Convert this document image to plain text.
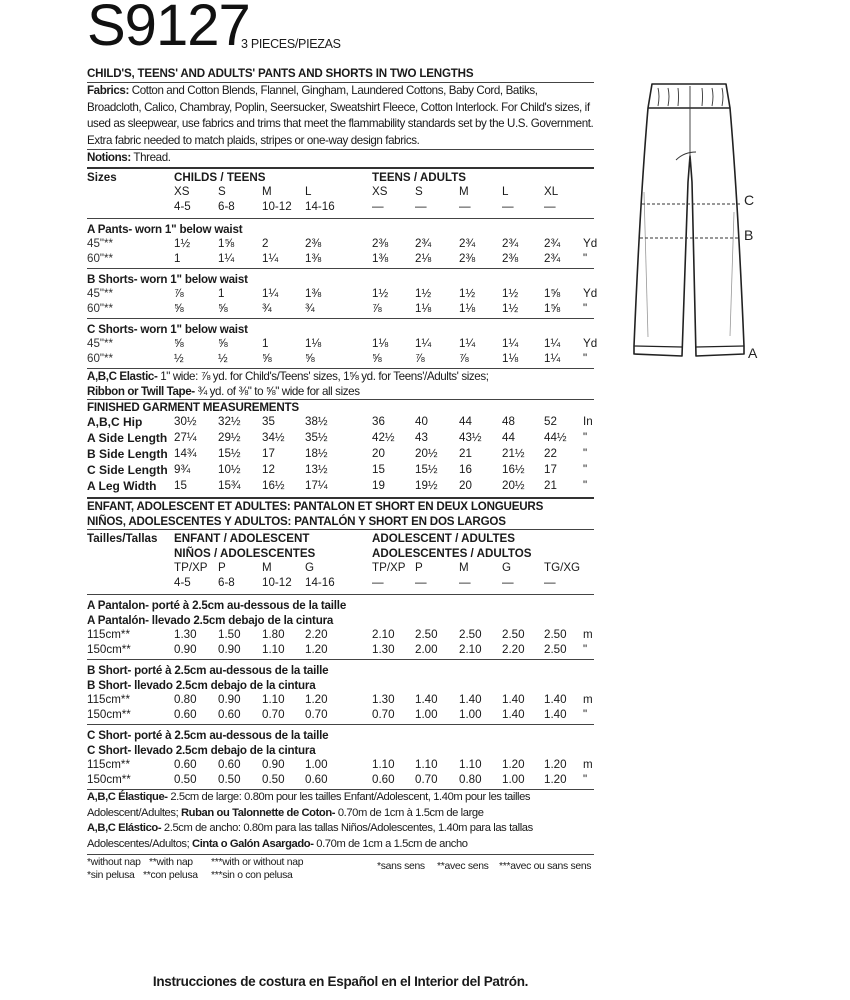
S9127
3 PIECES/PIEZAS
CHILD'S, TEENS' AND ADULTS' PANTS AND SHORTS IN TWO LENGTHS
Fabrics: Cotton and Cotton Blends, Flannel, Gingham, Laundered Cottons, Baby Cord, Batiks, Broadcloth, Calico, Chambray, Poplin, Seersucker, Sweatshirt Fleece, Cotton Interlock. For Child's sizes, if used as sleepwear, use fabrics and trims that meet the flammability standards set by the U.S. Government. Extra fabric needed to match plaids, stripes or one-way design fabrics.
Notions: Thread.
Sizes	CHILDS / TEENS	TEENS / ADULTS
XS S	M	L	XS S	M	L	XL
4-5 6-8 10-12 14-16	—	—	—	—	—
A Pants- worn 1" below waist
45"**	1½ 1⅝ 2	2⅜	2⅜ 2¾ 2¾ 2¾ 2¾ Yd
60"**	1	1¼ 1¼ 1⅜	1⅜ 2⅛ 2⅜ 2⅜ 2¾ "
B Shorts- worn 1" below waist
45"**	⅞	1	1¼ 1⅜	1½ 1½ 1½ 1½ 1⅝ Yd
60"**	⅝	⅝	¾	¾	⅞	1⅛ 1⅛ 1½ 1⅝ "
C Shorts- worn 1" below waist
45"**	⅝	⅝	1	1⅛	1⅛ 1¼ 1¼ 1¼ 1¼ Yd
60"**	½	½	⅝	⅝	⅝	⅞	⅞	1⅛ 1¼ "
A,B,C Elastic- 1" wide: ⅞ yd. for Child's/Teens' sizes, 1⅝ yd. for Teens'/Adults' sizes;
Ribbon or Twill Tape- ¾ yd. of ⅜" to ⅝" wide for all sizes
FINISHED GARMENT MEASUREMENTS
A,B,C Hip	30½ 32½ 35	38½	36	40	44	48	52 In
A Side Length 27¼ 29½ 34½ 35½	42½ 43	43½ 44	44½ "
B Side Length 14¾ 15½ 17	18½	20	20½ 21	21½ 22 "
C Side Length 9¾ 10½ 12	13½	15	15½ 16	16½ 17 "
A Leg Width 15	15¾ 16½ 17¼	19	19½ 20	20½ 21 "
ENFANT, ADOLESCENT ET ADULTES: PANTALON ET SHORT EN DEUX LONGUEURS
NIÑOS, ADOLESCENTES Y ADULTOS: PANTALÓN Y SHORT EN DOS LARGOS
Tailles/Tallas ENFANT / ADOLESCENT	ADOLESCENT / ADULTES
NIÑOS / ADOLESCENTES	ADOLESCENTES / ADULTOS
TP/XP P	M	G	TP/XP P	M	G	TG/XG
4-5 6-8 10-12 14-16	—	—	—	—	—
A Pantalon- porté à 2.5cm au-dessous de la taille
A Pantalón- llevado 2.5cm debajo de la cintura
115cm**	1.30 1.50 1.80 2.20	2.10 2.50 2.50 2.50 2.50 m
150cm**	0.90 0.90 1.10 1.20	1.30 2.00 2.10 2.20 2.50 "
B Short- porté à 2.5cm au-dessous de la taille
B Short- llevado 2.5cm debajo de la cintura
115cm**	0.80 0.90 1.10 1.20	1.30 1.40 1.40 1.40 1.40 m
150cm**	0.60 0.60 0.70 0.70	0.70 1.00 1.00 1.40 1.40 "
C Short- porté à 2.5cm au-dessous de la taille
C Short- llevado 2.5cm debajo de la cintura
115cm**	0.60 0.60 0.90 1.00	1.10 1.10 1.10 1.20 1.20 m
150cm**	0.50 0.50 0.50 0.60	0.60 0.70 0.80 1.00 1.20 "
A,B,C Élastique- 2.5cm de large: 0.80m pour les tailles Enfant/Adolescent, 1.40m pour les tailles Adolescent/Adultes; Ruban ou Talonnette de Coton- 0.70m de 1cm à 1.5cm de large
A,B,C Elástico- 2.5cm de ancho: 0.80m para las tallas Niños/Adolescentes, 1.40m para las tallas Adolescentes/Adultos; Cinta o Galón Asargado- 0.70m de 1cm a 1.5cm de ancho
*without nap **with nap ***with or without nap
*sin pelusa **con pelusa ***sin o con pelusa
*sans sens **avec sens ***avec ou sans sens
Instrucciones de costura en Español en el Interior del Patrón.
C
B
A
